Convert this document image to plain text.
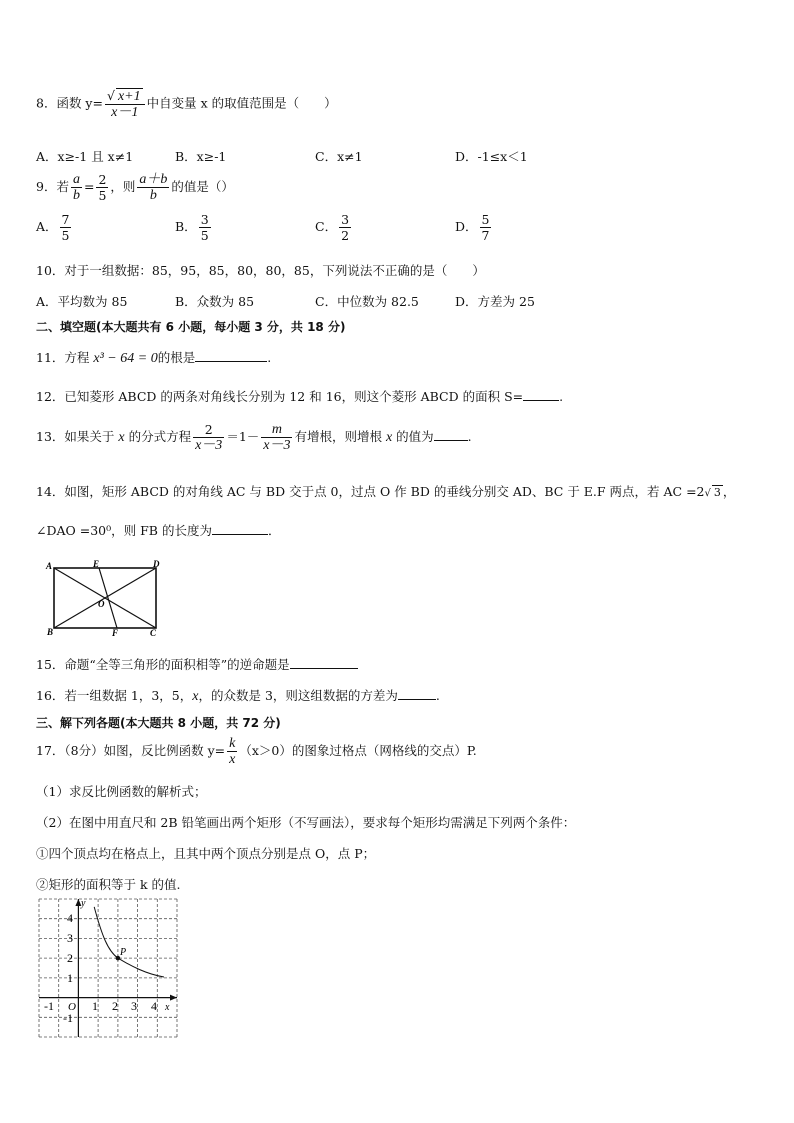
8．函数 $y= \frac{√ x+1}{x-1}$ 中自变量 x 的取值范围是（　　）
A．x≥-1 且 x≠1	B．x≥-1	C．x≠1	D．-1≤x＜1
9．若 $\frac{a}{b} = \frac{2}{5}$ ，则 $\frac{a+b}{b}$ 的值是（）
A． $\frac{7}{5}$	B． $\frac{3}{5}$	C． $\frac{3}{2}$	D． $\frac{5}{7}$
10．对于一组数据：85，95，85，80，80，85，下列说法不正确的是（　　）
A．平均数为 85	B．众数为 85	C．中位数为 82.5	D．方差为 25
二、填空题(本大题共有 6 小题，每小题 3 分，共 18 分)
11．方程 x³ − 64 = 0的根是	.
12．已知菱形 ABCD 的两条对角线长分别为 12 和 16，则这个菱形 ABCD 的面积 S=	.
13．如果关于 x 的分式方程 $\frac{2}{x-3} =1- \frac{m}{x-3}$ 有增根，则增根 x 的值为	.
14．如图，矩形 ABCD 的对角线 AC 与 BD 交于点 0，过点 O 作 BD 的垂线分别交 AD、BC 于 E.F 两点，若 AC =2√ 3 ，
∠DAO =30⁰，则 FB 的长度为	．
A	E	D
O
B	F	C
15．命题“全等三角形的面积相等”的逆命题是
16．若一组数据 1，3，5，x，的众数是 3，则这组数据的方差为	.
三、解下列各题(本大题共 8 小题，共 72 分)
17．（8分）如图，反比例函数 $y= \frac{k}{x} (x>0)$的图象过格点（网格线的交点）P.
（1）求反比例函数的解析式；
（2）在图中用直尺和 2B 铅笔画出两个矩形（不写画法），要求每个矩形均需满足下列两个条件：
①四个顶点均在格点上，且其中两个顶点分别是点 O，点 P；
②矩形的面积等于 k 的值.
P
y
x
O
4
3
2
1
-1
-1	1 2 3 4
